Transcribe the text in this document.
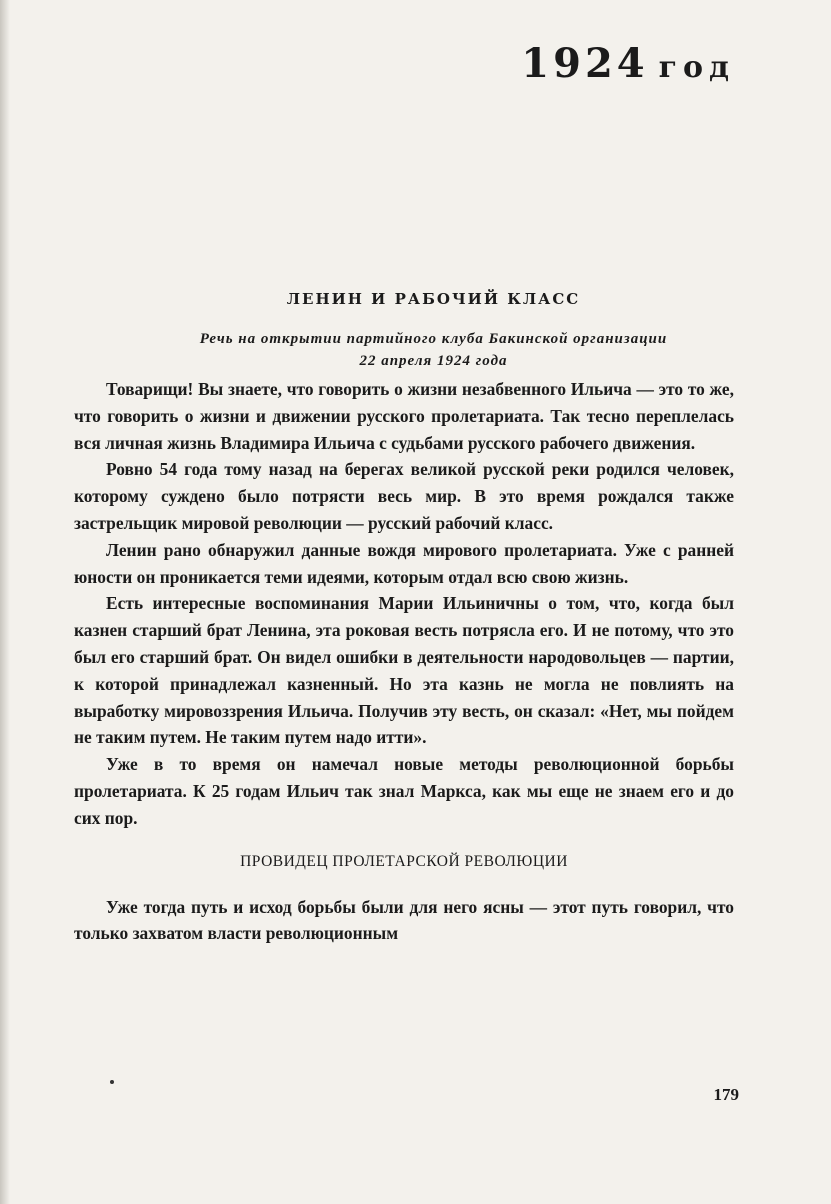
1924 год
ЛЕНИН И РАБОЧИЙ КЛАСС
Речь на открытии партийного клуба Бакинской организации
22 апреля 1924 года

Товарищи! Вы знаете, что говорить о жизни незабвенного Ильича — это то же, что говорить о жизни и движении русского пролетариата. Так тесно переплелась вся личная жизнь Владимира Ильича с судьбами русского рабочего движения.

Ровно 54 года тому назад на берегах великой русской реки родился человек, которому суждено было потрясти весь мир. В это время рождался также застрельщик мировой революции — русский рабочий класс.

Ленин рано обнаружил данные вождя мирового пролетариата. Уже с ранней юности он проникается теми идеями, которым отдал всю свою жизнь.

Есть интересные воспоминания Марии Ильиничны о том, что, когда был казнен старший брат Ленина, эта роковая весть потрясла его. И не потому, что это был его старший брат. Он видел ошибки в деятельности народовольцев — партии, к которой принадлежал казненный. Но эта казнь не могла не повлиять на выработку мировоззрения Ильича. Получив эту весть, он сказал: «Нет, мы пойдем не таким путем. Не таким путем надо итти».

Уже в то время он намечал новые методы революционной борьбы пролетариата. К 25 годам Ильич так знал Маркса, как мы еще не знаем его и до сих пор.

ПРОВИДЕЦ ПРОЛЕТАРСКОЙ РЕВОЛЮЦИИ

Уже тогда путь и исход борьбы были для него ясны — этот путь говорил, что только захватом власти революционным

179
